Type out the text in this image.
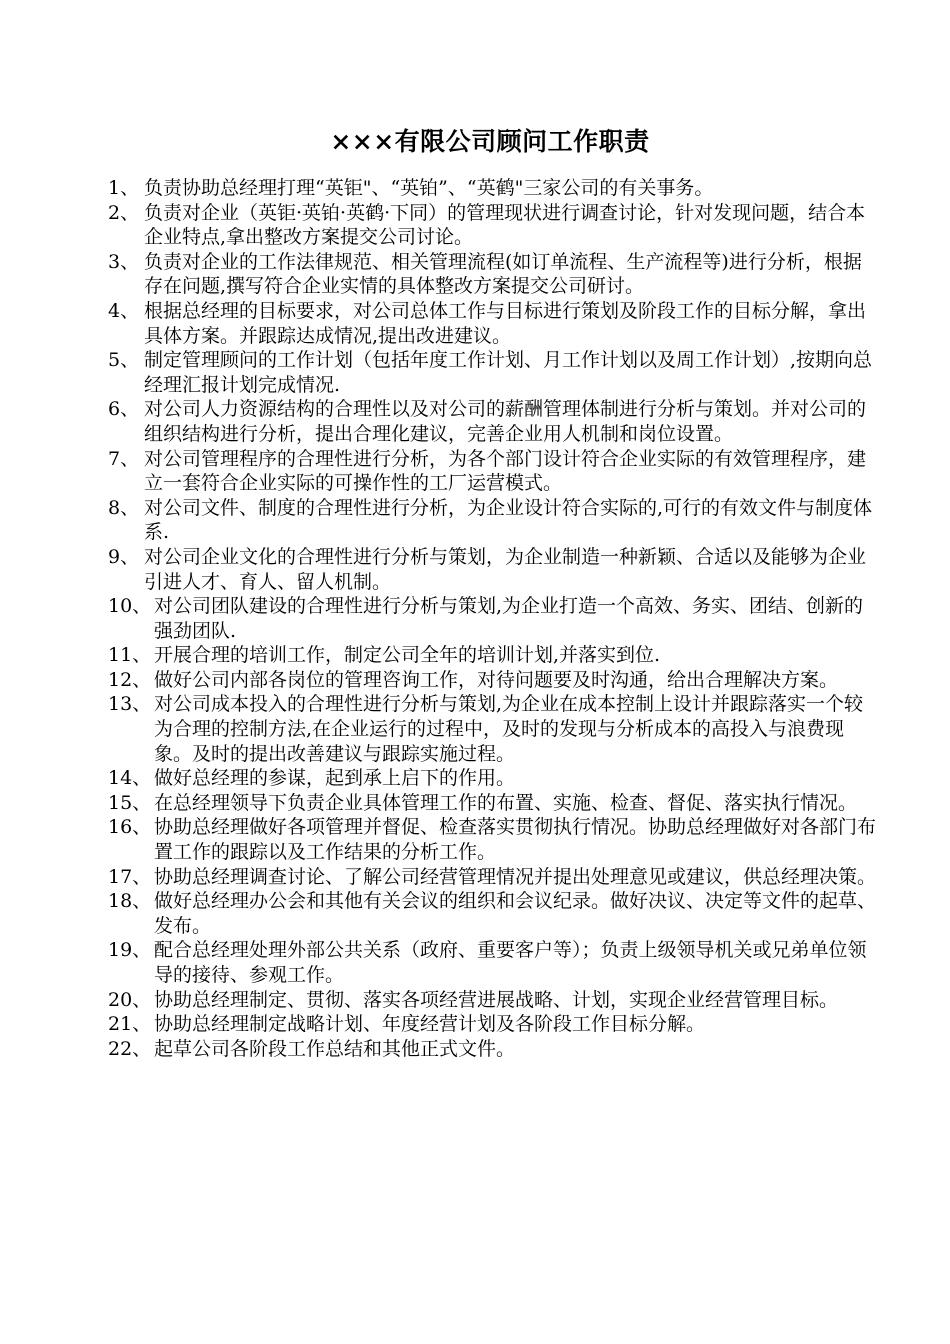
×××有限公司顾问工作职责
1、 负责协助总经理打理“英钜"、“英铂”、“英鹤"三家公司的有关事务。
2、 负责对企业（英钜·英铂·英鹤·下同）的管理现状进行调查讨论，针对发现问题，结合本企业特点,拿出整改方案提交公司讨论。
3、 负责对企业的工作法律规范、相关管理流程(如订单流程、生产流程等)进行分析，根据存在问题,撰写符合企业实情的具体整改方案提交公司研讨。
4、 根据总经理的目标要求，对公司总体工作与目标进行策划及阶段工作的目标分解，拿出具体方案。并跟踪达成情况,提出改进建议。
5、 制定管理顾问的工作计划（包括年度工作计划、月工作计划以及周工作计划）,按期向总经理汇报计划完成情况.
6、 对公司人力资源结构的合理性以及对公司的薪酬管理体制进行分析与策划。并对公司的组织结构进行分析，提出合理化建议，完善企业用人机制和岗位设置。
7、 对公司管理程序的合理性进行分析，为各个部门设计符合企业实际的有效管理程序，建立一套符合企业实际的可操作性的工厂运营模式。
8、 对公司文件、制度的合理性进行分析，为企业设计符合实际的,可行的有效文件与制度体系.
9、 对公司企业文化的合理性进行分析与策划，为企业制造一种新颖、合适以及能够为企业引进人才、育人、留人机制。
10、 对公司团队建设的合理性进行分析与策划,为企业打造一个高效、务实、团结、创新的强劲团队.
11、 开展合理的培训工作，制定公司全年的培训计划,并落实到位.
12、 做好公司内部各岗位的管理咨询工作，对待问题要及时沟通，给出合理解决方案。
13、 对公司成本投入的合理性进行分析与策划,为企业在成本控制上设计并跟踪落实一个较为合理的控制方法,在企业运行的过程中，及时的发现与分析成本的高投入与浪费现象。及时的提出改善建议与跟踪实施过程。
14、 做好总经理的参谋，起到承上启下的作用。
15、 在总经理领导下负责企业具体管理工作的布置、实施、检查、督促、落实执行情况。
16、 协助总经理做好各项管理并督促、检查落实贯彻执行情况。协助总经理做好对各部门布置工作的跟踪以及工作结果的分析工作。
17、 协助总经理调查讨论、了解公司经营管理情况并提出处理意见或建议，供总经理决策。
18、 做好总经理办公会和其他有关会议的组织和会议纪录。做好决议、决定等文件的起草、发布。
19、 配合总经理处理外部公共关系（政府、重要客户等）；负责上级领导机关或兄弟单位领导的接待、参观工作。
20、 协助总经理制定、贯彻、落实各项经营进展战略、计划，实现企业经营管理目标。
21、 协助总经理制定战略计划、年度经营计划及各阶段工作目标分解。
22、 起草公司各阶段工作总结和其他正式文件。
